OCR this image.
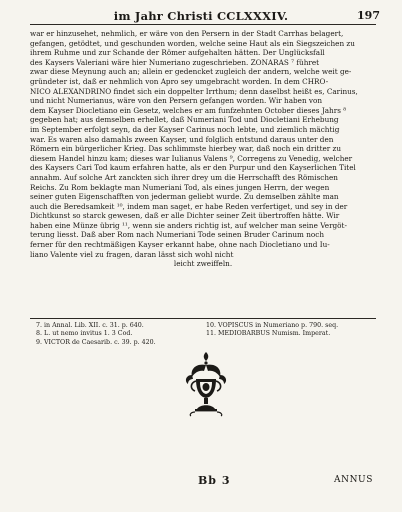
im Jahr Christi CCLXXXIV.	197

war er hinzusehet, nehmlich, er wäre von den Persern in der Stadt Carrhas belagert,

gefangen, getödtet, und geschunden worden, welche seine Haut als ein Siegszeichen zu

ihrem Ruhme und zur Schande der Römer aufgehalten hätten. Der Unglücksfall

des Kaysers Valeriani wäre hier Numeriano zugeschrieben. ZONARAS ⁷ führet

zwar diese Meynung auch an; allein er gedencket zugleich der andern, welche weit ge-

gründeter ist, daß er nehmlich von Apro sey umgebracht worden. In dem CHRO-

NICO ALEXANDRINO findet sich ein doppelter Irrthum; denn daselbst heißt es, Carinus,

und nicht Numerianus, wäre von den Persern gefangen worden. Wir haben von

dem Kayser Diocletiano ein Gesetz, welches er am funfzehnten October dieses Jahrs ⁸

gegeben hat; aus demselben erhellet, daß Numeriani Tod und Diocletiani Erhebung

im September erfolgt seyn, da der Kayser Carinus noch lebte, und ziemlich mächtig

war. Es waren also damahls zween Kayser, und folglich entstund daraus unter den

Römern ein bürgerlicher Krieg. Das schlimmste hierbey war, daß noch ein dritter zu

diesem Handel hinzu kam; dieses war Iulianus Valens ⁹, Corregens zu Venedig, welcher

des Kaysers Cari Tod kaum erfahren hatte, als er den Purpur und den Kayserlichen Titel

annahm. Auf solche Art zanckten sich ihrer drey um die Herrschafft des Römischen

Reichs. Zu Rom beklagte man Numeriani Tod, als eines jungen Herrn, der wegen

seiner guten Eigenschafften von jederman geliebt wurde. Zu demselben zählte man

auch die Beredsamkeit ¹⁰, indem man saget, er habe Reden verfertiget, und sey in der

Dichtkunst so starck gewesen, daß er alle Dichter seiner Zeit übertroffen hätte. Wir

haben eine Münze übrig ¹¹, wenn sie anders richtig ist, auf welcher man seine Vergöt-

terung liesst. Daß aber Rom nach Numeriani Tode seinen Bruder Carinum noch

ferner für den rechtmäßigen Kayser erkannt habe, ohne nach Diocletiano und Iu-

liano Valente viel zu fragen, daran lässt sich wohl nicht

leicht zweiffeln.

7. in Annal. Lib. XII. c. 31. p. 640.
8. L. ut nemo invitus 1. 3 Cod.
9. VICTOR de Caesarib. c. 39. p. 420.
10. VOPISCUS in Numeriano p. 790. seq.
11. MEDIOBARBUS Numism. Imperat.
Bb 3	ANNUS
